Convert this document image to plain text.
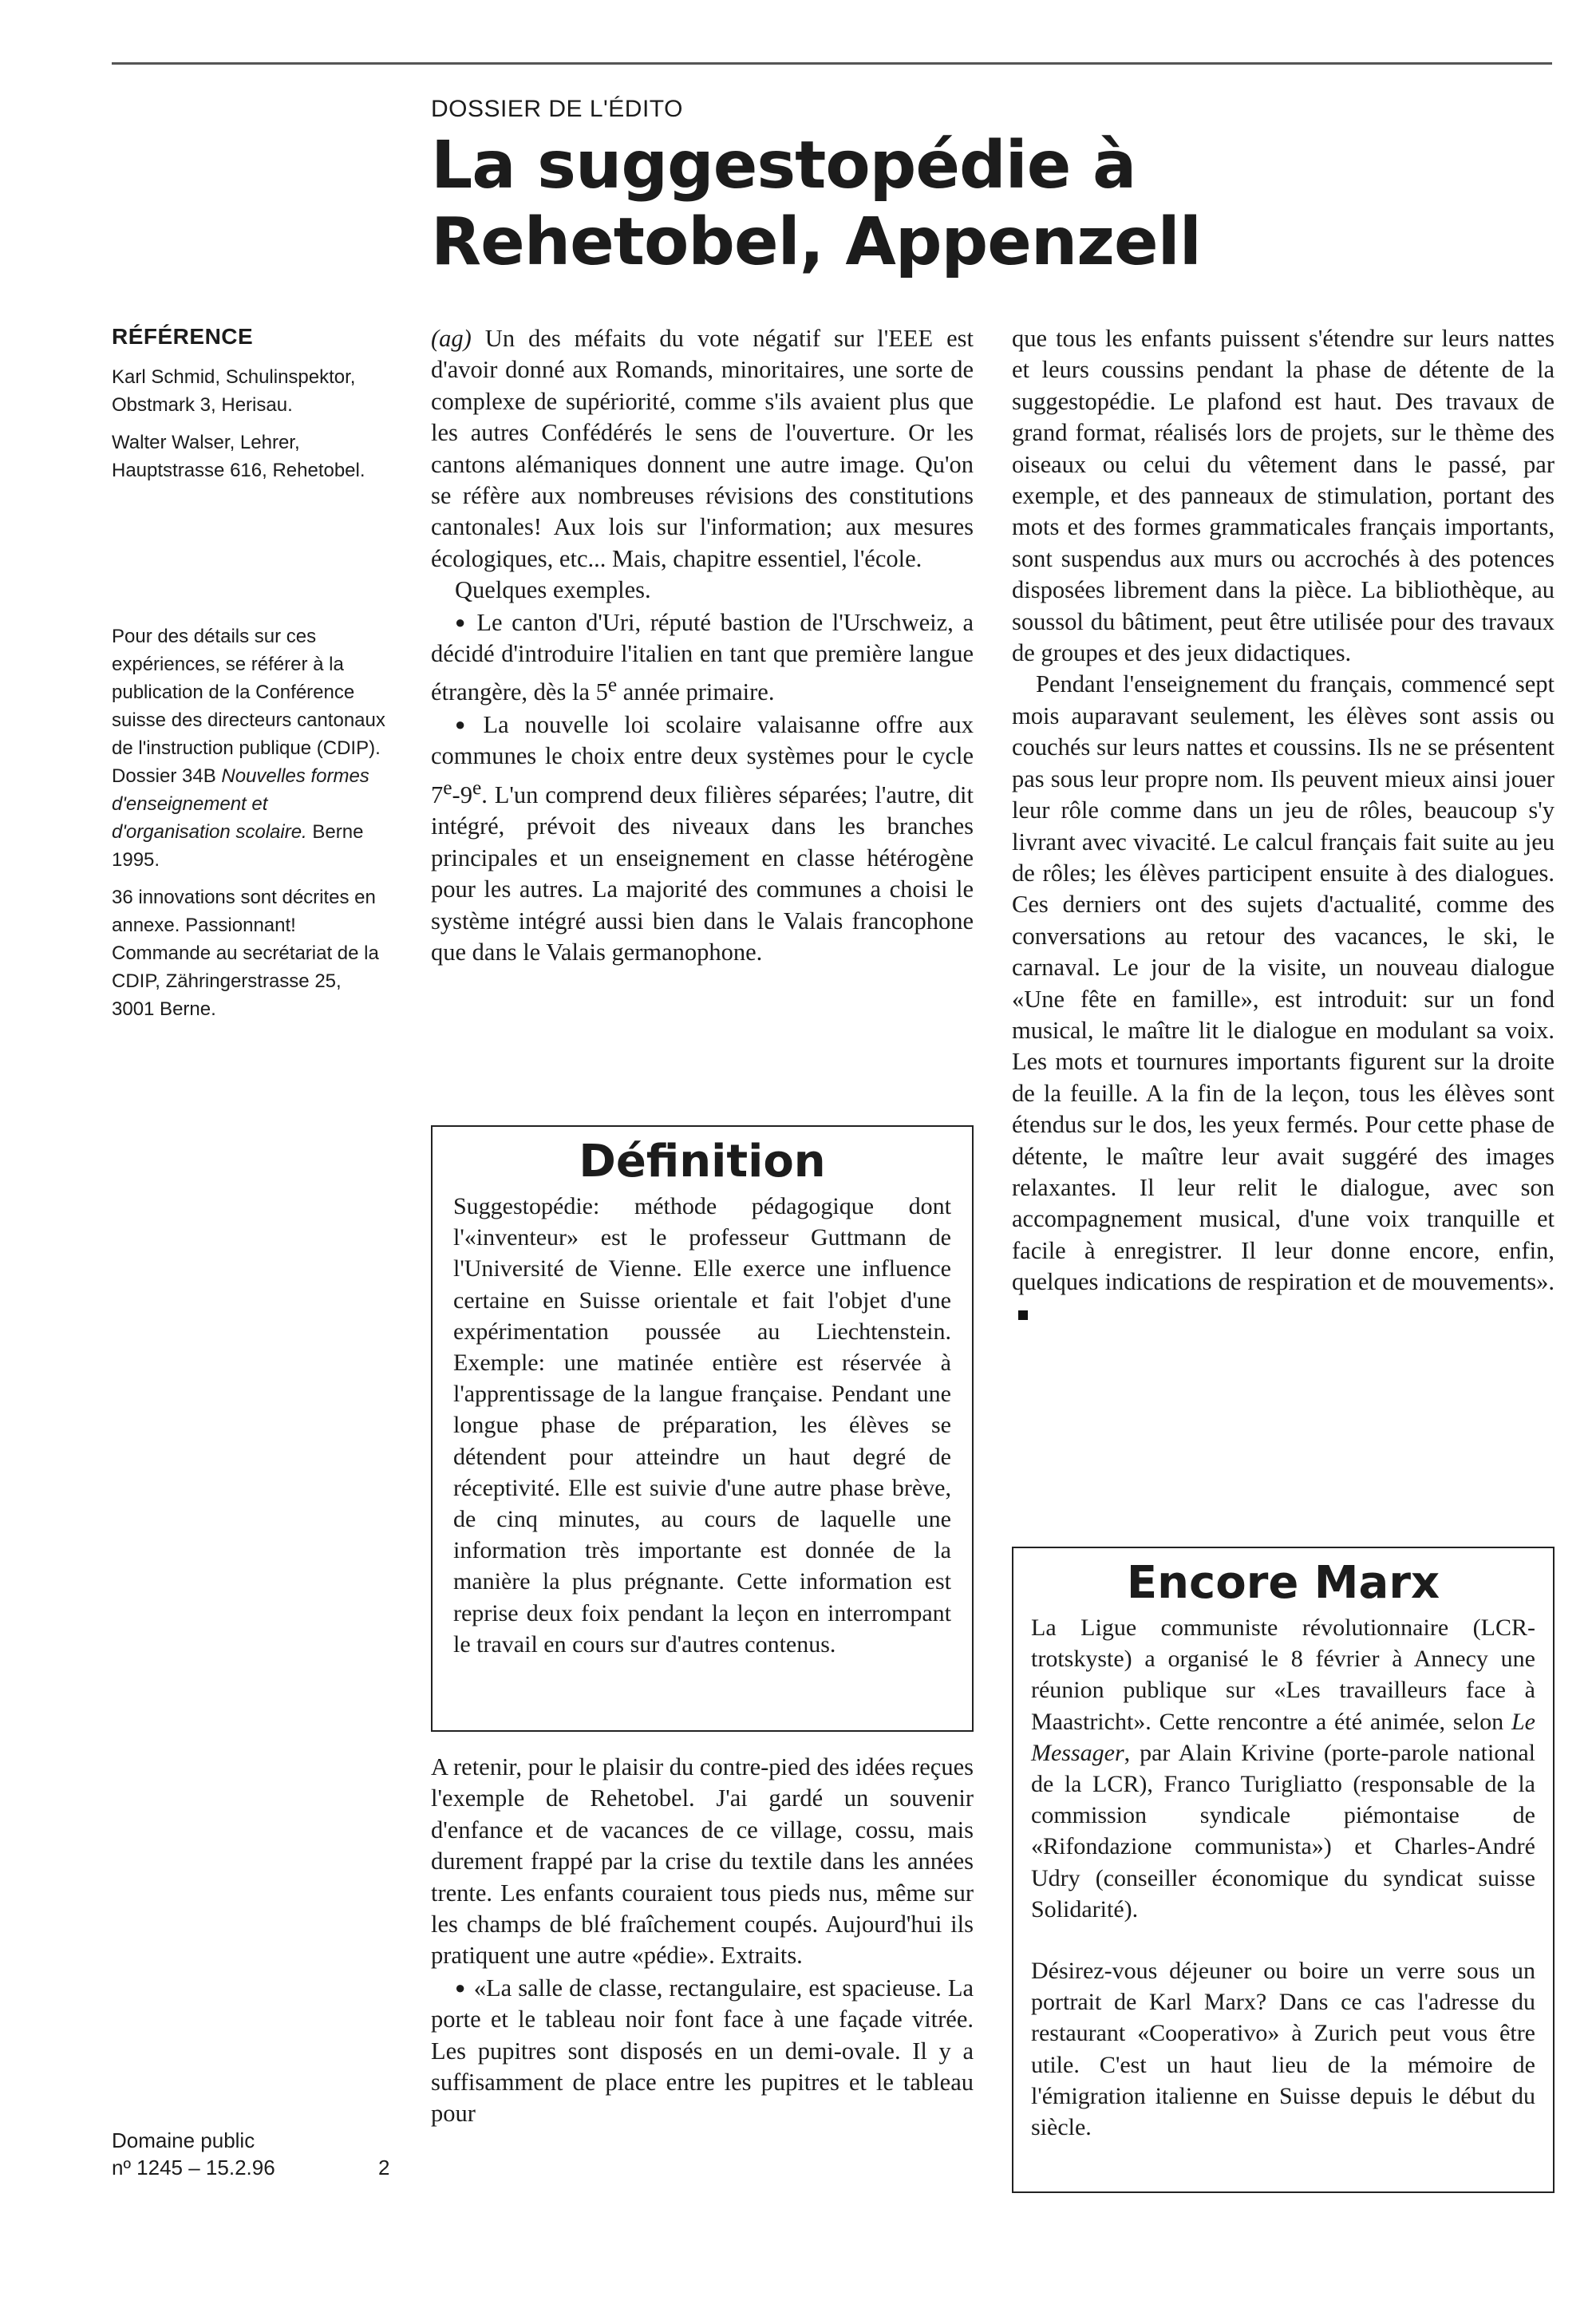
DOSSIER DE L'ÉDITO
La suggestopédie à
Rehetobel, Appenzell

RÉFÉRENCE

Karl Schmid, Schulinspektor, Obstmark 3, Herisau.

Walter Walser, Lehrer, Hauptstrasse 616, Rehetobel.

Pour des détails sur ces expériences, se référer à la publication de la Conférence suisse des directeurs cantonaux de l'instruction publique (CDIP). Dossier 34B Nouvelles formes d'enseignement et d'organisation scolaire. Berne 1995.

36 innovations sont décrites en annexe. Passionnant! Commande au secrétariat de la CDIP, Zähringerstrasse 25, 3001 Berne.

(ag) Un des méfaits du vote négatif sur l'EEE est d'avoir donné aux Romands, minoritaires, une sorte de complexe de supériorité, comme s'ils avaient plus que les autres Confédérés le sens de l'ouverture. Or les cantons alémaniques donnent une autre image. Qu'on se réfère aux nombreuses révisions des constitutions cantonales! Aux lois sur l'information; aux mesures écologiques, etc... Mais, chapitre essentiel, l'école.

Quelques exemples.

● Le canton d'Uri, réputé bastion de l'Urschweiz, a décidé d'introduire l'italien en tant que première langue étrangère, dès la 5e année primaire.

● La nouvelle loi scolaire valaisanne offre aux communes le choix entre deux systèmes pour le cycle 7e-9e. L'un comprend deux filières séparées; l'autre, dit intégré, prévoit des niveaux dans les branches principales et un enseignement en classe hétérogène pour les autres. La majorité des communes a choisi le système intégré aussi bien dans le Valais francophone que dans le Valais germanophone.

Définition

Suggestopédie: méthode pédagogique dont l'«inventeur» est le professeur Guttmann de l'Université de Vienne. Elle exerce une influence certaine en Suisse orientale et fait l'objet d'une expérimentation poussée au Liechtenstein. Exemple: une matinée entière est réservée à l'apprentissage de la langue française. Pendant une longue phase de préparation, les élèves se détendent pour atteindre un haut degré de réceptivité. Elle est suivie d'une autre phase brève, de cinq minutes, au cours de laquelle une information très importante est donnée de la manière la plus prégnante. Cette information est reprise deux foix pendant la leçon en interrompant le travail en cours sur d'autres contenus.

A retenir, pour le plaisir du contre-pied des idées reçues l'exemple de Rehetobel. J'ai gardé un souvenir d'enfance et de vacances de ce village, cossu, mais durement frappé par la crise du textile dans les années trente. Les enfants couraient tous pieds nus, même sur les champs de blé fraîchement coupés. Aujourd'hui ils pratiquent une autre «pédie». Extraits.

● «La salle de classe, rectangulaire, est spacieuse. La porte et le tableau noir font face à une façade vitrée. Les pupitres sont disposés en un demi-ovale. Il y a suffisamment de place entre les pupitres et le tableau pour

que tous les enfants puissent s'étendre sur leurs nattes et leurs coussins pendant la phase de détente de la suggestopédie. Le plafond est haut. Des travaux de grand format, réalisés lors de projets, sur le thème des oiseaux ou celui du vêtement dans le passé, par exemple, et des panneaux de stimulation, portant des mots et des formes grammaticales français importants, sont suspendus aux murs ou accrochés à des potences disposées librement dans la pièce. La bibliothèque, au soussol du bâtiment, peut être utilisée pour des travaux de groupes et des jeux didactiques.

Pendant l'enseignement du français, commencé sept mois auparavant seulement, les élèves sont assis ou couchés sur leurs nattes et coussins. Ils ne se présentent pas sous leur propre nom. Ils peuvent mieux ainsi jouer leur rôle comme dans un jeu de rôles, beaucoup s'y livrant avec vivacité. Le calcul français fait suite au jeu de rôles; les élèves participent ensuite à des dialogues. Ces derniers ont des sujets d'actualité, comme des conversations au retour des vacances, le ski, le carnaval. Le jour de la visite, un nouveau dialogue «Une fête en famille», est introduit: sur un fond musical, le maître lit le dialogue en modulant sa voix. Les mots et tournures importants figurent sur la droite de la feuille. A la fin de la leçon, tous les élèves sont étendus sur le dos, les yeux fermés. Pour cette phase de détente, le maître leur avait suggéré des images relaxantes. Il leur relit le dialogue, avec son accompagnement musical, d'une voix tranquille et facile à enregistrer. Il leur donne encore, enfin, quelques indications de respiration et de mouvements».

Encore Marx

La Ligue communiste révolutionnaire (LCR-trotskyste) a organisé le 8 février à Annecy une réunion publique sur «Les travailleurs face à Maastricht». Cette rencontre a été animée, selon Le Messager, par Alain Krivine (porte-parole national de la LCR), Franco Turigliatto (responsable de la commission syndicale piémontaise de «Rifondazione communista») et Charles-André Udry (conseiller économique du syndicat suisse Solidarité).

Désirez-vous déjeuner ou boire un verre sous un portrait de Karl Marx? Dans ce cas l'adresse du restaurant «Cooperativo» à Zurich peut vous être utile. C'est un haut lieu de la mémoire de l'émigration italienne en Suisse depuis le début du siècle.

Domaine public
nº 1245 – 15.2.96	2
